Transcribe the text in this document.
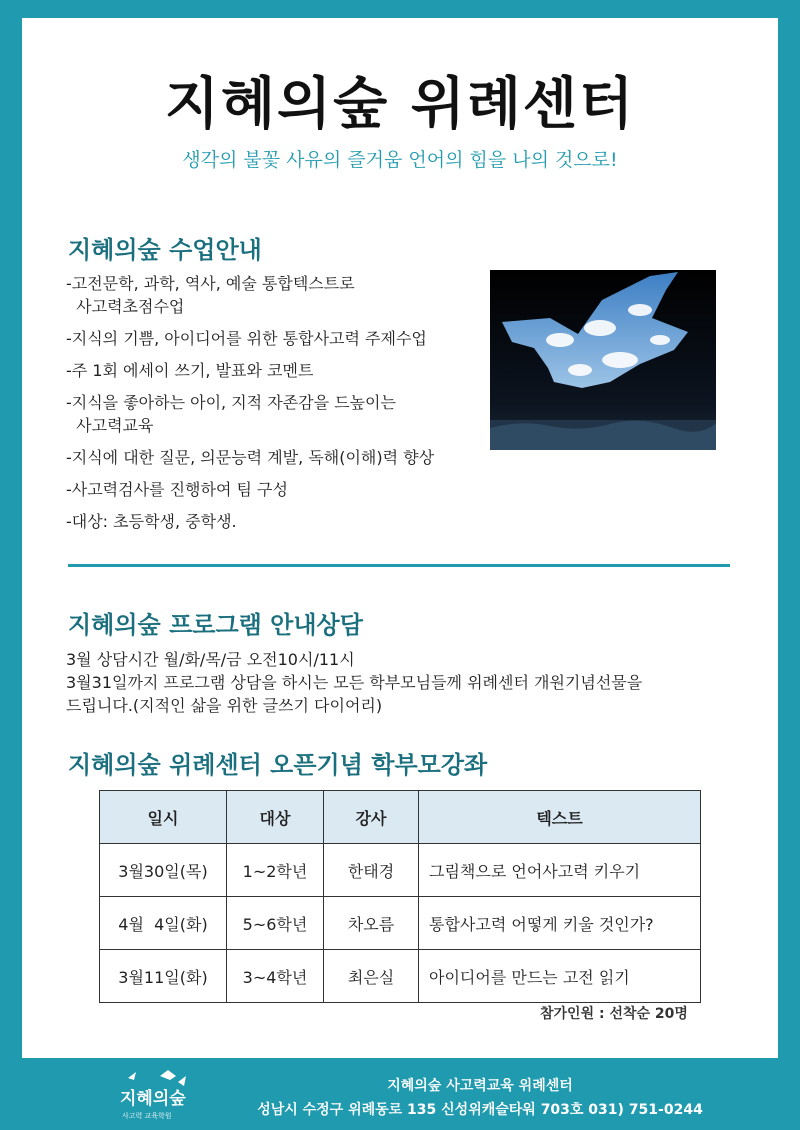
지혜의숲 위례센터
생각의 불꽃 사유의 즐거움 언어의 힘을 나의 것으로!
지혜의숲 수업안내
-고전문학, 과학, 역사, 예술 통합텍스트로
사고력초점수업
-지식의 기쁨, 아이디어를 위한 통합사고력 주제수업
-주 1회 에세이 쓰기, 발표와 코멘트
-지식을 좋아하는 아이, 지적 자존감을 드높이는
사고력교육
-지식에 대한 질문, 의문능력 계발, 독해(이해)력 향상
-사고력검사를 진행하여 팀 구성
-대상: 초등학생, 중학생.
지혜의숲 프로그램 안내상담
3월 상담시간 월/화/목/금 오전10시/11시
3월31일까지 프로그램 상담을 하시는 모든 학부모님들께 위례센터 개원기념선물을
드립니다.(지적인 삶을 위한 글쓰기 다이어리)
지혜의숲 위례센터 오픈기념 학부모강좌
일시	대상	강사	텍스트
3월30일(목)	1~2학년	한태경	그림책으로 언어사고력 키우기
4월  4일(화)	5~6학년	차오름	통합사고력 어떻게 키울 것인가?
3월11일(화)	3~4학년	최은실	아이디어를 만드는 고전 읽기
참가인원 : 선착순 20명
지혜의숲
사고력 교육학원
지혜의숲 사고력교육 위례센터
성남시 수정구 위례동로 135 신성위캐슬타워 703호 031) 751-0244
